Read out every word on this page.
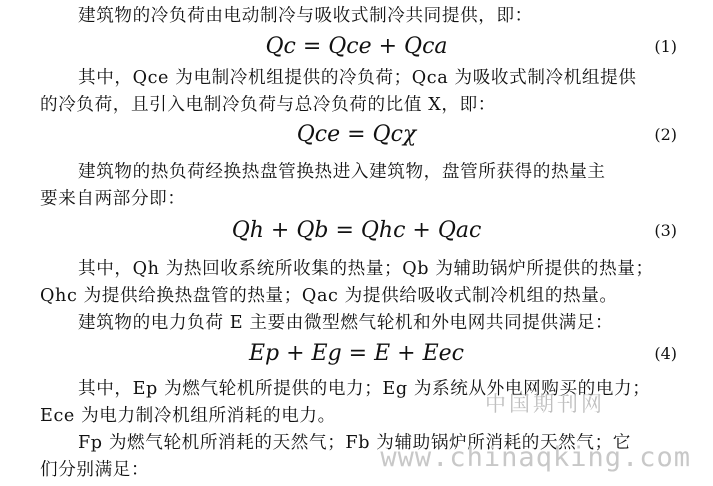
建筑物的冷负荷由电动制冷与吸收式制冷共同提供，即：
Qc = Qce + Qca	(1)
其中，Qce 为电制冷机组提供的冷负荷；Qca 为吸收式制冷机组提供
的冷负荷，且引入电制冷负荷与总冷负荷的比值 X，即：
Qce = Qcχ	(2)
建筑物的热负荷经换热盘管换热进入建筑物，盘管所获得的热量主
要来自两部分即：
Qh + Qb = Qhc + Qac	(3)
其中，Qh 为热回收系统所收集的热量；Qb 为辅助锅炉所提供的热量；
Qhc 为提供给换热盘管的热量；Qac 为提供给吸收式制冷机组的热量。
建筑物的电力负荷 E 主要由微型燃气轮机和外电网共同提供满足：
Ep + Eg = E + Eec	(4)
其中，Ep 为燃气轮机所提供的电力；Eg 为系统从外电网购买的电力；
Ece 为电力制冷机组所消耗的电力。
Fp 为燃气轮机所消耗的天然气；Fb 为辅助锅炉所消耗的天然气；它
们分别满足：
中国期刊网
www.chinaqking.com
